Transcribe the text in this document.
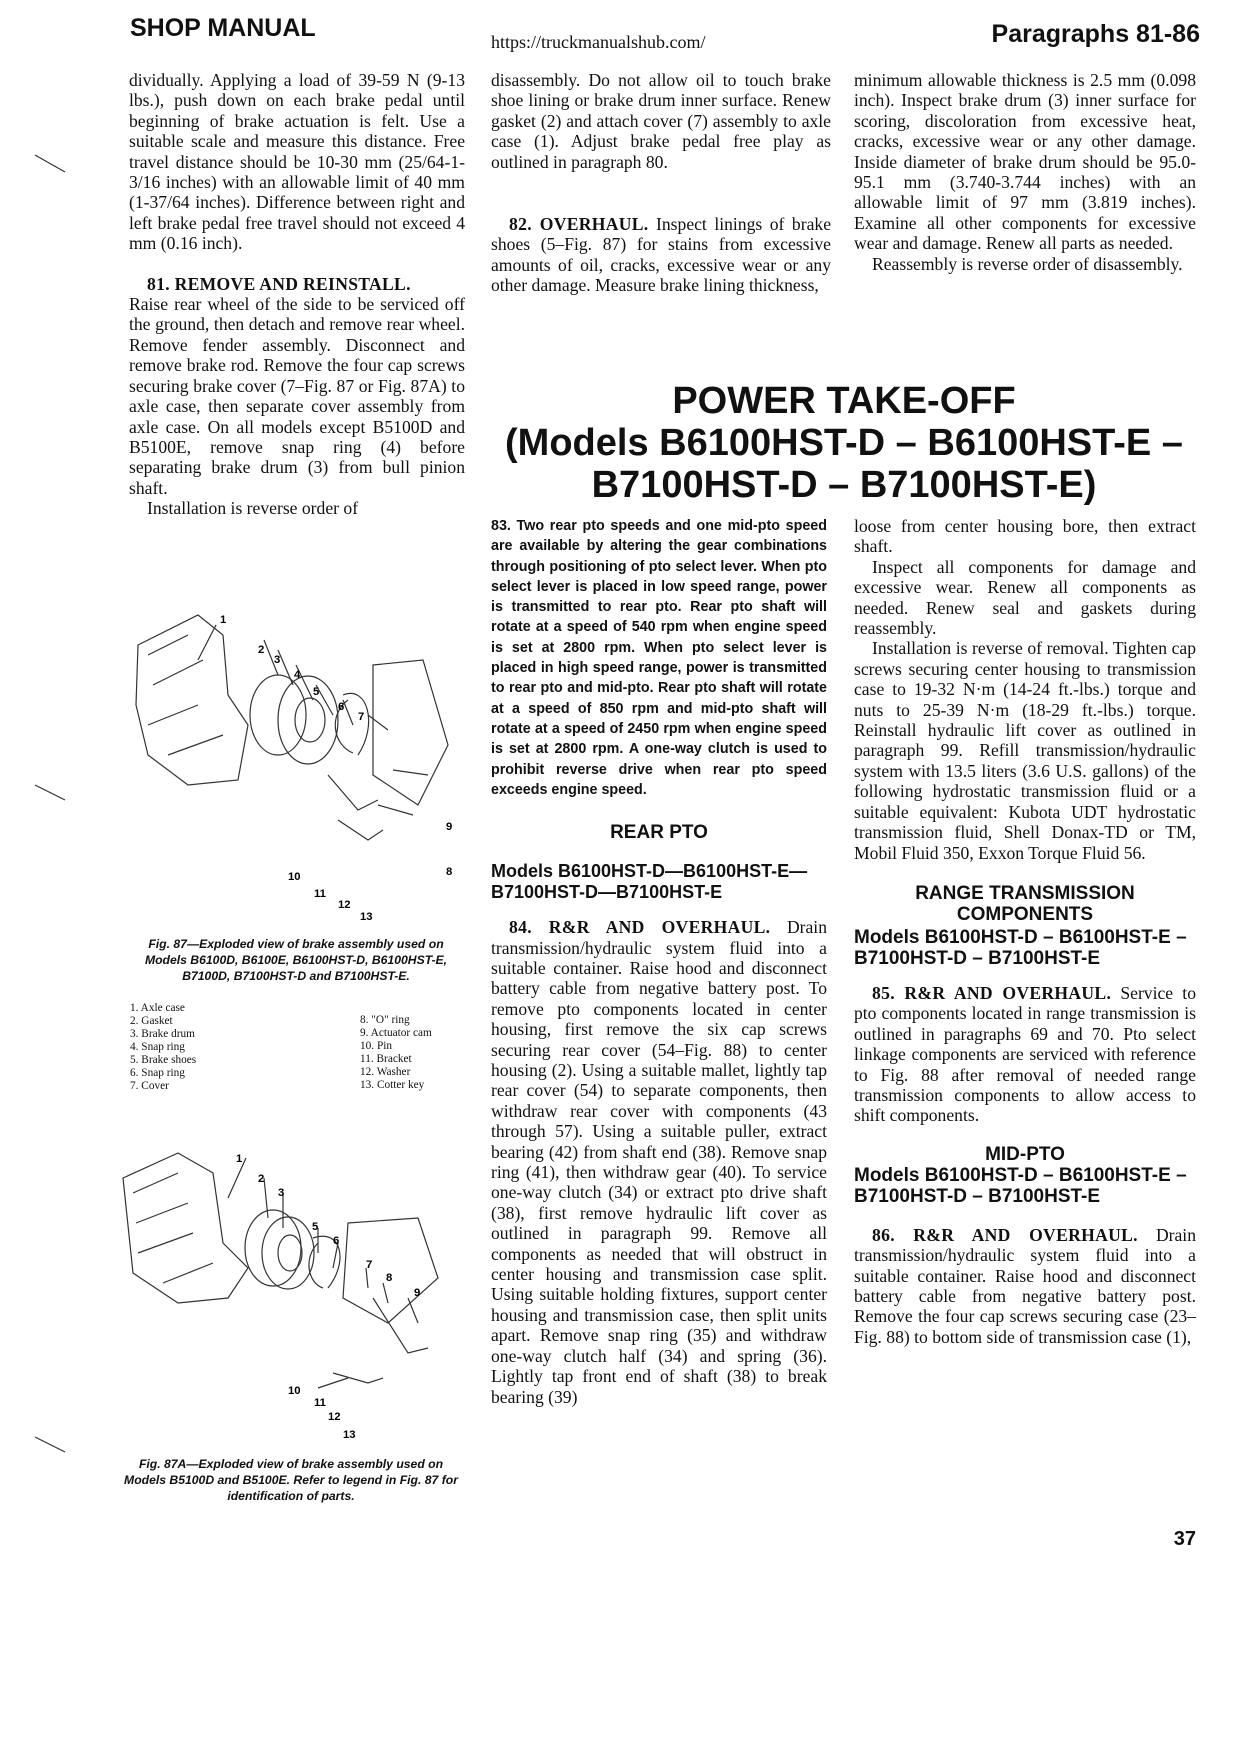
SHOP MANUAL	https://truckmanualshub.com/	Paragraphs 81-86

dividually. Applying a load of 39-59 N (9-13 lbs.), push down on each brake pedal until beginning of brake actuation is felt. Use a suitable scale and measure this distance. Free travel distance should be 10-30 mm (25/64-1-3/16 inches) with an allowable limit of 40 mm (1-37/64 inches). Difference between right and left brake pedal free travel should not exceed 4 mm (0.16 inch).

81. REMOVE AND REINSTALL.

Raise rear wheel of the side to be serviced off the ground, then detach and remove rear wheel. Remove fender assembly. Disconnect and remove brake rod. Remove the four cap screws securing brake cover (7–Fig. 87 or Fig. 87A) to axle case, then separate cover assembly from axle case. On all models except B5100D and B5100E, remove snap ring (4) before separating brake drum (3) from bull pinion shaft.

Installation is reverse order of

1
2
3
4
5
6
7
8
9
10
11
12
13
Fig. 87—Exploded view of brake assembly used on Models B6100D, B6100E, B6100HST-D, B6100HST-E, B7100D, B7100HST-D and B7100HST-E.
1. Axle case
2. Gasket
3. Brake drum
4. Snap ring
5. Brake shoes
6. Snap ring
7. Cover
8. "O" ring
9. Actuator cam
10. Pin
11. Bracket
12. Washer
13. Cotter key
1
2
3
5
6
7
8
9
10
11
12
13
Fig. 87A—Exploded view of brake assembly used on Models B5100D and B5100E. Refer to legend in Fig. 87 for identification of parts.

disassembly. Do not allow oil to touch brake shoe lining or brake drum inner surface. Renew gasket (2) and attach cover (7) assembly to axle case (1). Adjust brake pedal free play as outlined in paragraph 80.

82. OVERHAUL. Inspect linings of brake shoes (5–Fig. 87) for stains from excessive amounts of oil, cracks, excessive wear or any other damage. Measure brake lining thickness,

minimum allowable thickness is 2.5 mm (0.098 inch). Inspect brake drum (3) inner surface for scoring, discoloration from excessive heat, cracks, excessive wear or any other damage. Inside diameter of brake drum should be 95.0-95.1 mm (3.740-3.744 inches) with an allowable limit of 97 mm (3.819 inches). Examine all other components for excessive wear and damage. Renew all parts as needed.

Reassembly is reverse order of disassembly.

POWER TAKE-OFF
(Models B6100HST-D – B6100HST-E –
B7100HST-D – B7100HST-E)
83. Two rear pto speeds and one mid-pto speed are available by altering the gear combinations through positioning of pto select lever. When pto select lever is placed in low speed range, power is transmitted to rear pto. Rear pto shaft will rotate at a speed of 540 rpm when engine speed is set at 2800 rpm. When pto select lever is placed in high speed range, power is transmitted to rear pto and mid-pto. Rear pto shaft will rotate at a speed of 850 rpm and mid-pto shaft will rotate at a speed of 2450 rpm when engine speed is set at 2800 rpm. A one-way clutch is used to prohibit reverse drive when rear pto speed exceeds engine speed.
REAR PTO
Models B6100HST-D—B6100HST-E—B7100HST-D—B7100HST-E

84. R&R AND OVERHAUL. Drain transmission/hydraulic system fluid into a suitable container. Raise hood and disconnect battery cable from negative battery post. To remove pto components located in center housing, first remove the six cap screws securing rear cover (54–Fig. 88) to center housing (2). Using a suitable mallet, lightly tap rear cover (54) to separate components, then withdraw rear cover with components (43 through 57). Using a suitable puller, extract bearing (42) from shaft end (38). Remove snap ring (41), then withdraw gear (40). To service one-way clutch (34) or extract pto drive shaft (38), first remove hydraulic lift cover as outlined in paragraph 99. Remove all components as needed that will obstruct in center housing and transmission case split. Using suitable holding fixtures, support center housing and transmission case, then split units apart. Remove snap ring (35) and withdraw one-way clutch half (34) and spring (36). Lightly tap front end of shaft (38) to break bearing (39)

loose from center housing bore, then extract shaft.

Inspect all components for damage and excessive wear. Renew all components as needed. Renew seal and gaskets during reassembly.

Installation is reverse of removal. Tighten cap screws securing center housing to transmission case to 19-32 N·m (14-24 ft.-lbs.) torque and nuts to 25-39 N·m (18-29 ft.-lbs.) torque. Reinstall hydraulic lift cover as outlined in paragraph 99. Refill transmission/hydraulic system with 13.5 liters (3.6 U.S. gallons) of the following hydrostatic transmission fluid or a suitable equivalent: Kubota UDT hydrostatic transmission fluid, Shell Donax-TD or TM, Mobil Fluid 350, Exxon Torque Fluid 56.

RANGE TRANSMISSION
COMPONENTS
Models B6100HST-D – B6100HST-E – B7100HST-D – B7100HST-E

85. R&R AND OVERHAUL. Service to pto components located in range transmission is outlined in paragraphs 69 and 70. Pto select linkage components are serviced with reference to Fig. 88 after removal of needed range transmission components to allow access to shift components.

MID-PTO
Models B6100HST-D – B6100HST-E – B7100HST-D – B7100HST-E

86. R&R AND OVERHAUL. Drain transmission/hydraulic system fluid into a suitable container. Raise hood and disconnect battery cable from negative battery post. Remove the four cap screws securing case (23–Fig. 88) to bottom side of transmission case (1),

37
